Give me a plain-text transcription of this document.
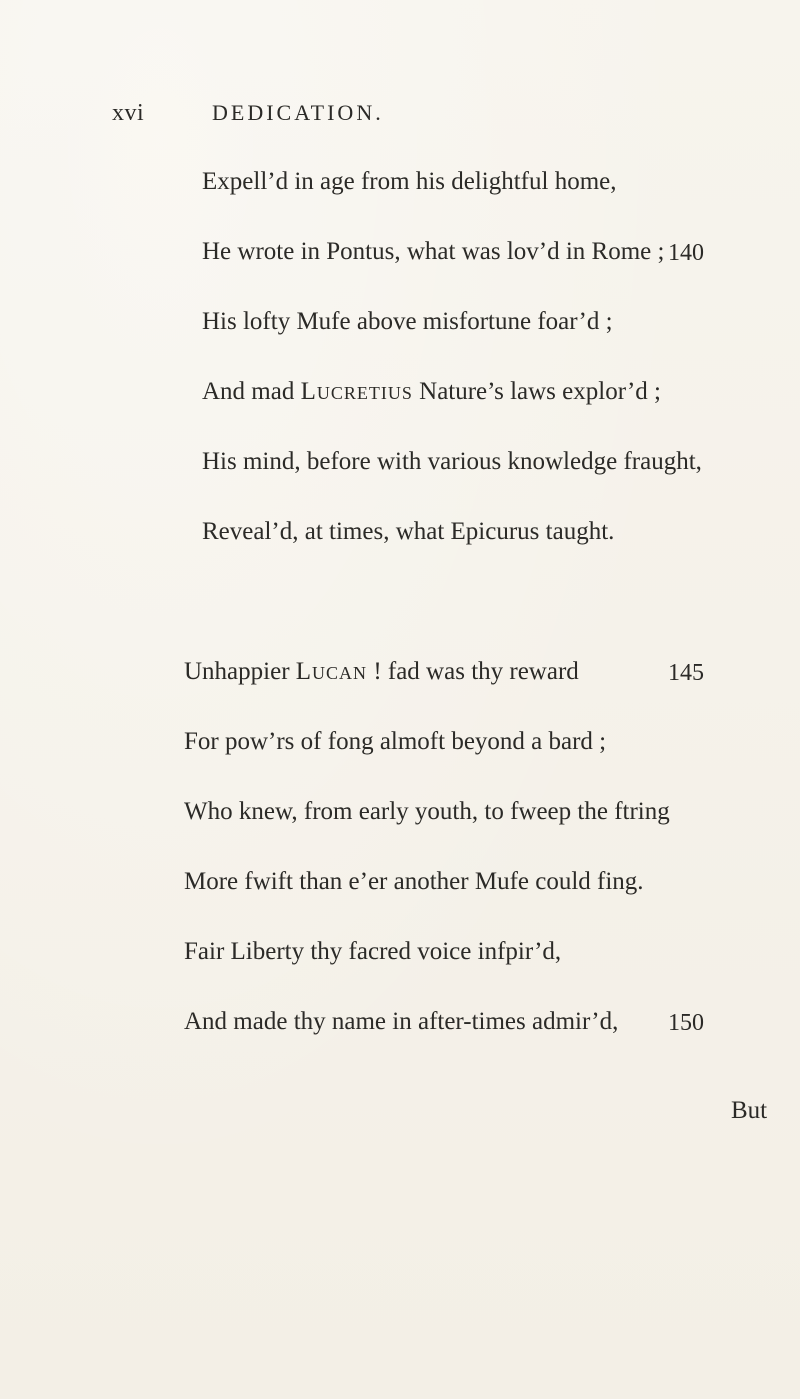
xvi	DEDICATION.
Expell’d in age from his delightful home,
He wrote in Pontus, what was lov’d in Rome ; 140
His lofty Mufe above misfortune foar’d ;
And mad Lucretius Nature’s laws explor’d ;
His mind, before with various knowledge fraught,
Reveal’d, at times, what Epicurus taught.
Unhappier Lucan ! fad was thy reward	145
For pow’rs of fong almoft beyond a bard ;
Who knew, from early youth, to fweep the ftring
More fwift than e’er another Mufe could fing.
Fair Liberty thy facred voice infpir’d,
And made thy name in after-times admir’d, 150
But
